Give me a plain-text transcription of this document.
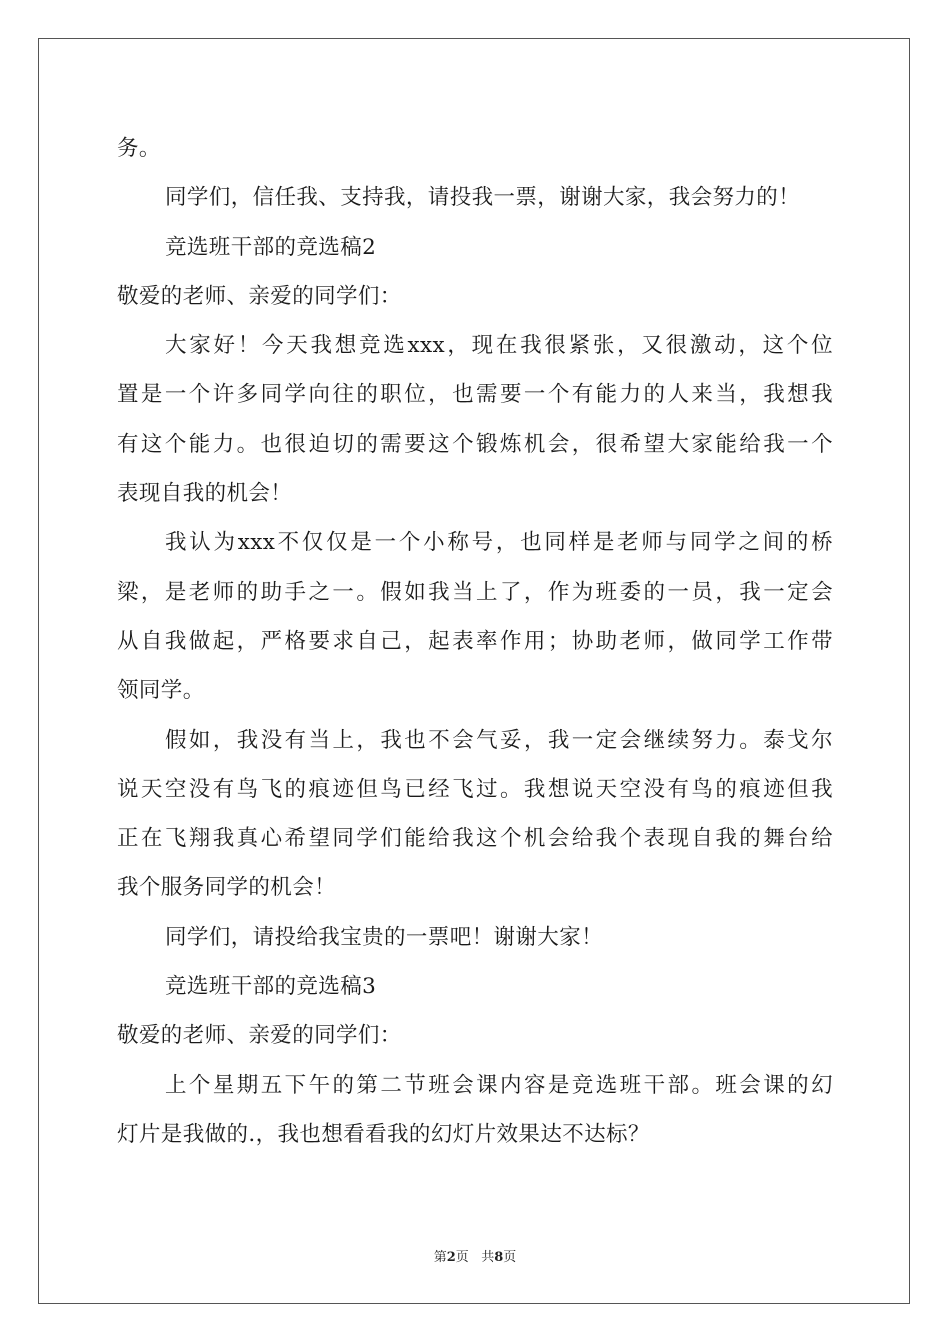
务。
同学们，信任我、支持我，请投我一票，谢谢大家，我会努力的！
竞选班干部的竞选稿2
敬爱的老师、亲爱的同学们：
大家好！今天我想竞选xxx，现在我很紧张，又很激动，这个位
置是一个许多同学向往的职位，也需要一个有能力的人来当，我想我
有这个能力。也很迫切的需要这个锻炼机会，很希望大家能给我一个
表现自我的机会！
我认为xxx不仅仅是一个小称号，也同样是老师与同学之间的桥
梁，是老师的助手之一。假如我当上了，作为班委的一员，我一定会
从自我做起，严格要求自己，起表率作用；协助老师，做同学工作带
领同学。
假如，我没有当上，我也不会气妥，我一定会继续努力。泰戈尔
说天空没有鸟飞的痕迹但鸟已经飞过。我想说天空没有鸟的痕迹但我
正在飞翔我真心希望同学们能给我这个机会给我个表现自我的舞台给
我个服务同学的机会！
同学们，请投给我宝贵的一票吧！谢谢大家！
竞选班干部的竞选稿3
敬爱的老师、亲爱的同学们：
上个星期五下午的第二节班会课内容是竞选班干部。班会课的幻
灯片是我做的.，我也想看看我的幻灯片效果达不达标？
第2页 共8页
